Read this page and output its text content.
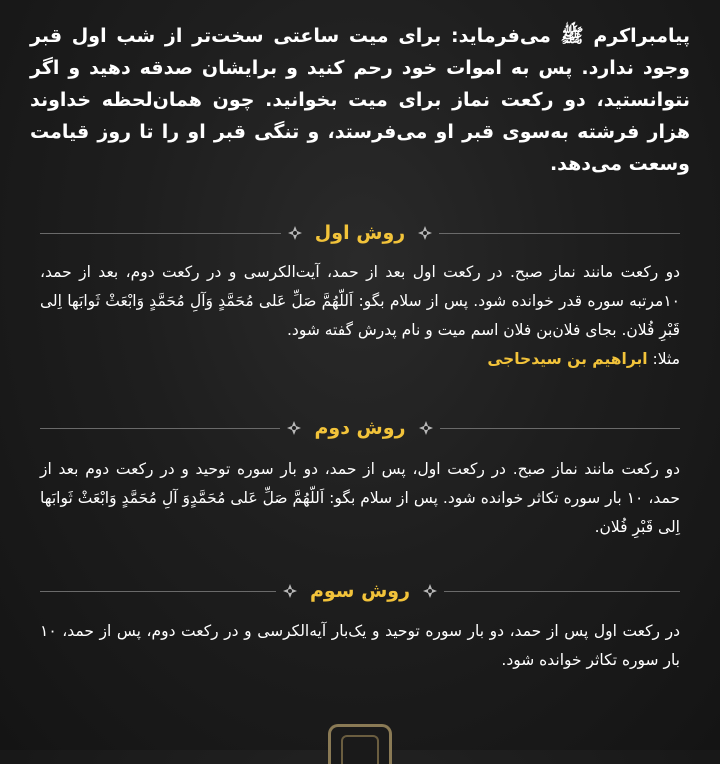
پیامبراکرم ﷺ می‌فرماید: برای میت ساعتی سخت‌تر از شب اول قبر وجود ندارد. پس به اموات خود رحم کنید و برایشان صدقه دهید و اگر نتوانستید، دو رکعت نماز برای میت بخوانید. چون همان‌لحظه خداوند هزار فرشته به‌سوی قبر او می‌فرستد، و تنگی قبر او را تا روز قیامت وسعت می‌دهد.
روش اول
دو رکعت مانند نماز صبح. در رکعت اول بعد از حمد، آیت‌الکرسی و در رکعت دوم، بعد از حمد، ۱۰مرتبه سوره قدر خوانده شود. پس از سلام بگو: اَللّهُمَّ صَلِّ عَلی مُحَمَّدٍ وَآلِ مُحَمَّدٍ وَابْعَثْ ثَوابَها اِلی قَبْرِ فُلان. بجای فلان‌بن فلان اسم میت و نام پدرش گفته شود.
مثلا: ابراهیم بن سیدحاجی
روش دوم
دو رکعت مانند نماز صبح. در رکعت اول، پس از حمد، دو بار سوره توحید و در رکعت دوم بعد از حمد، ۱۰ بار سوره تکاثر خوانده شود. پس از سلام بگو: اَللّهُمَّ صَلِّ عَلی مُحَمَّدٍوَ آلِ مُحَمَّدٍ وَابْعَثْ ثَوابَها اِلی قَبْرِ فُلان.
روش سوم
در رکعت اول پس از حمد، دو بار سوره توحید و یک‌بار آیه‌الکرسی و در رکعت دوم، پس از حمد، ۱۰ بار سوره تکاثر خوانده شود.
